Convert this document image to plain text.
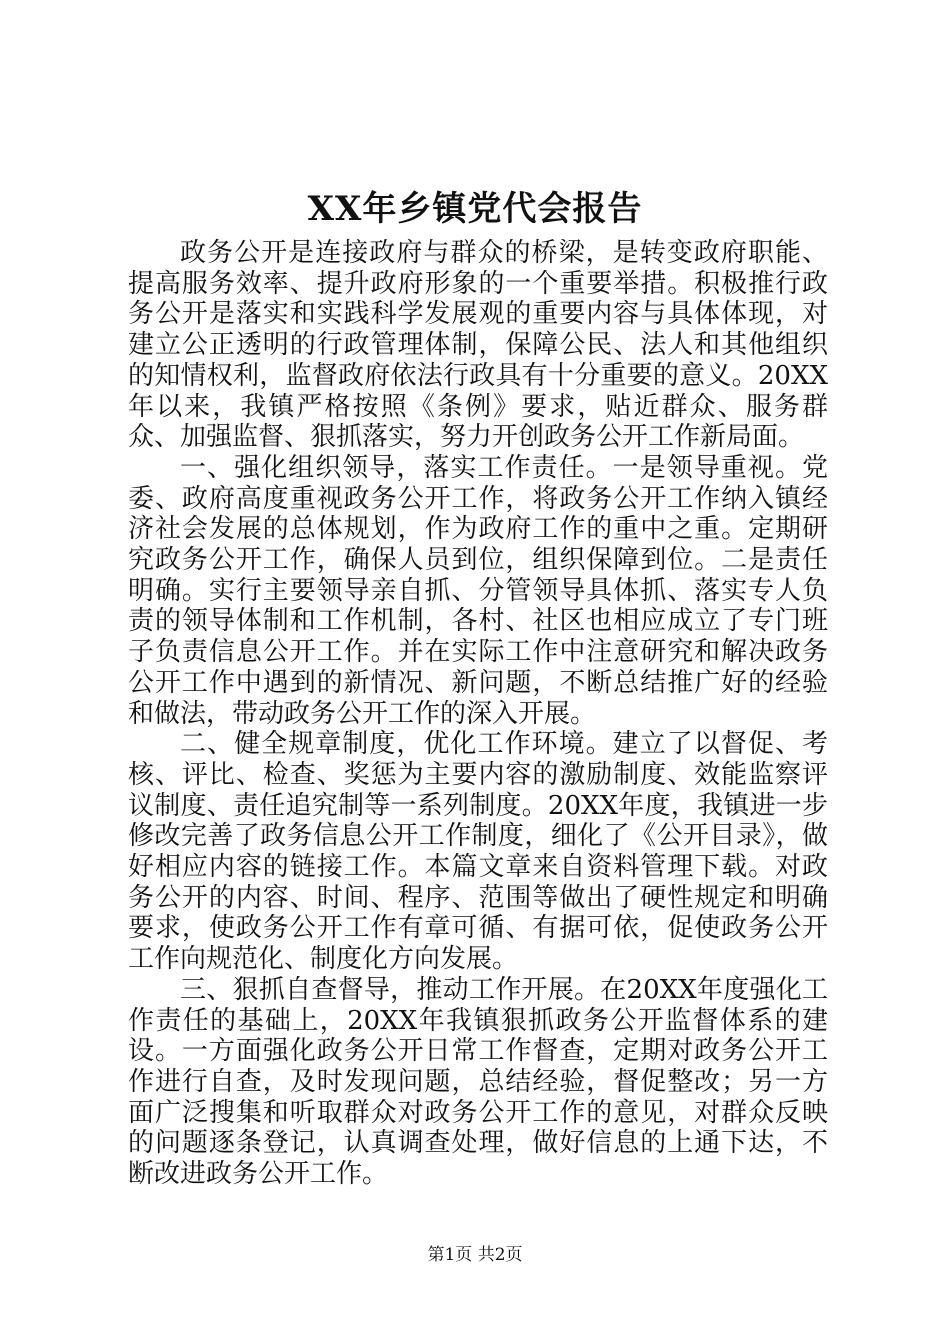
XX年乡镇党代会报告

政务公开是连接政府与群众的桥梁，是转变政府职能、提高服务效率、提升政府形象的一个重要举措。积极推行政务公开是落实和实践科学发展观的重要内容与具体体现，对建立公正透明的行政管理体制，保障公民、法人和其他组织的知情权利，监督政府依法行政具有十分重要的意义。20XX年以来，我镇严格按照《条例》要求，贴近群众、服务群众、加强监督、狠抓落实，努力开创政务公开工作新局面。

一、强化组织领导，落实工作责任。一是领导重视。党委、政府高度重视政务公开工作，将政务公开工作纳入镇经济社会发展的总体规划，作为政府工作的重中之重。定期研究政务公开工作，确保人员到位，组织保障到位。二是责任明确。实行主要领导亲自抓、分管领导具体抓、落实专人负责的领导体制和工作机制，各村、社区也相应成立了专门班子负责信息公开工作。并在实际工作中注意研究和解决政务公开工作中遇到的新情况、新问题，不断总结推广好的经验和做法，带动政务公开工作的深入开展。

二、健全规章制度，优化工作环境。建立了以督促、考核、评比、检查、奖惩为主要内容的激励制度、效能监察评议制度、责任追究制等一系列制度。20XX年度，我镇进一步修改完善了政务信息公开工作制度，细化了《公开目录》，做好相应内容的链接工作。本篇文章来自资料管理下载。对政务公开的内容、时间、程序、范围等做出了硬性规定和明确要求，使政务公开工作有章可循、有据可依，促使政务公开工作向规范化、制度化方向发展。

三、狠抓自查督导，推动工作开展。在20XX年度强化工作责任的基础上，20XX年我镇狠抓政务公开监督体系的建设。一方面强化政务公开日常工作督查，定期对政务公开工作进行自查，及时发现问题，总结经验，督促整改；另一方面广泛搜集和听取群众对政务公开工作的意见，对群众反映的问题逐条登记，认真调查处理，做好信息的上通下达，不断改进政务公开工作。

第1页 共2页
